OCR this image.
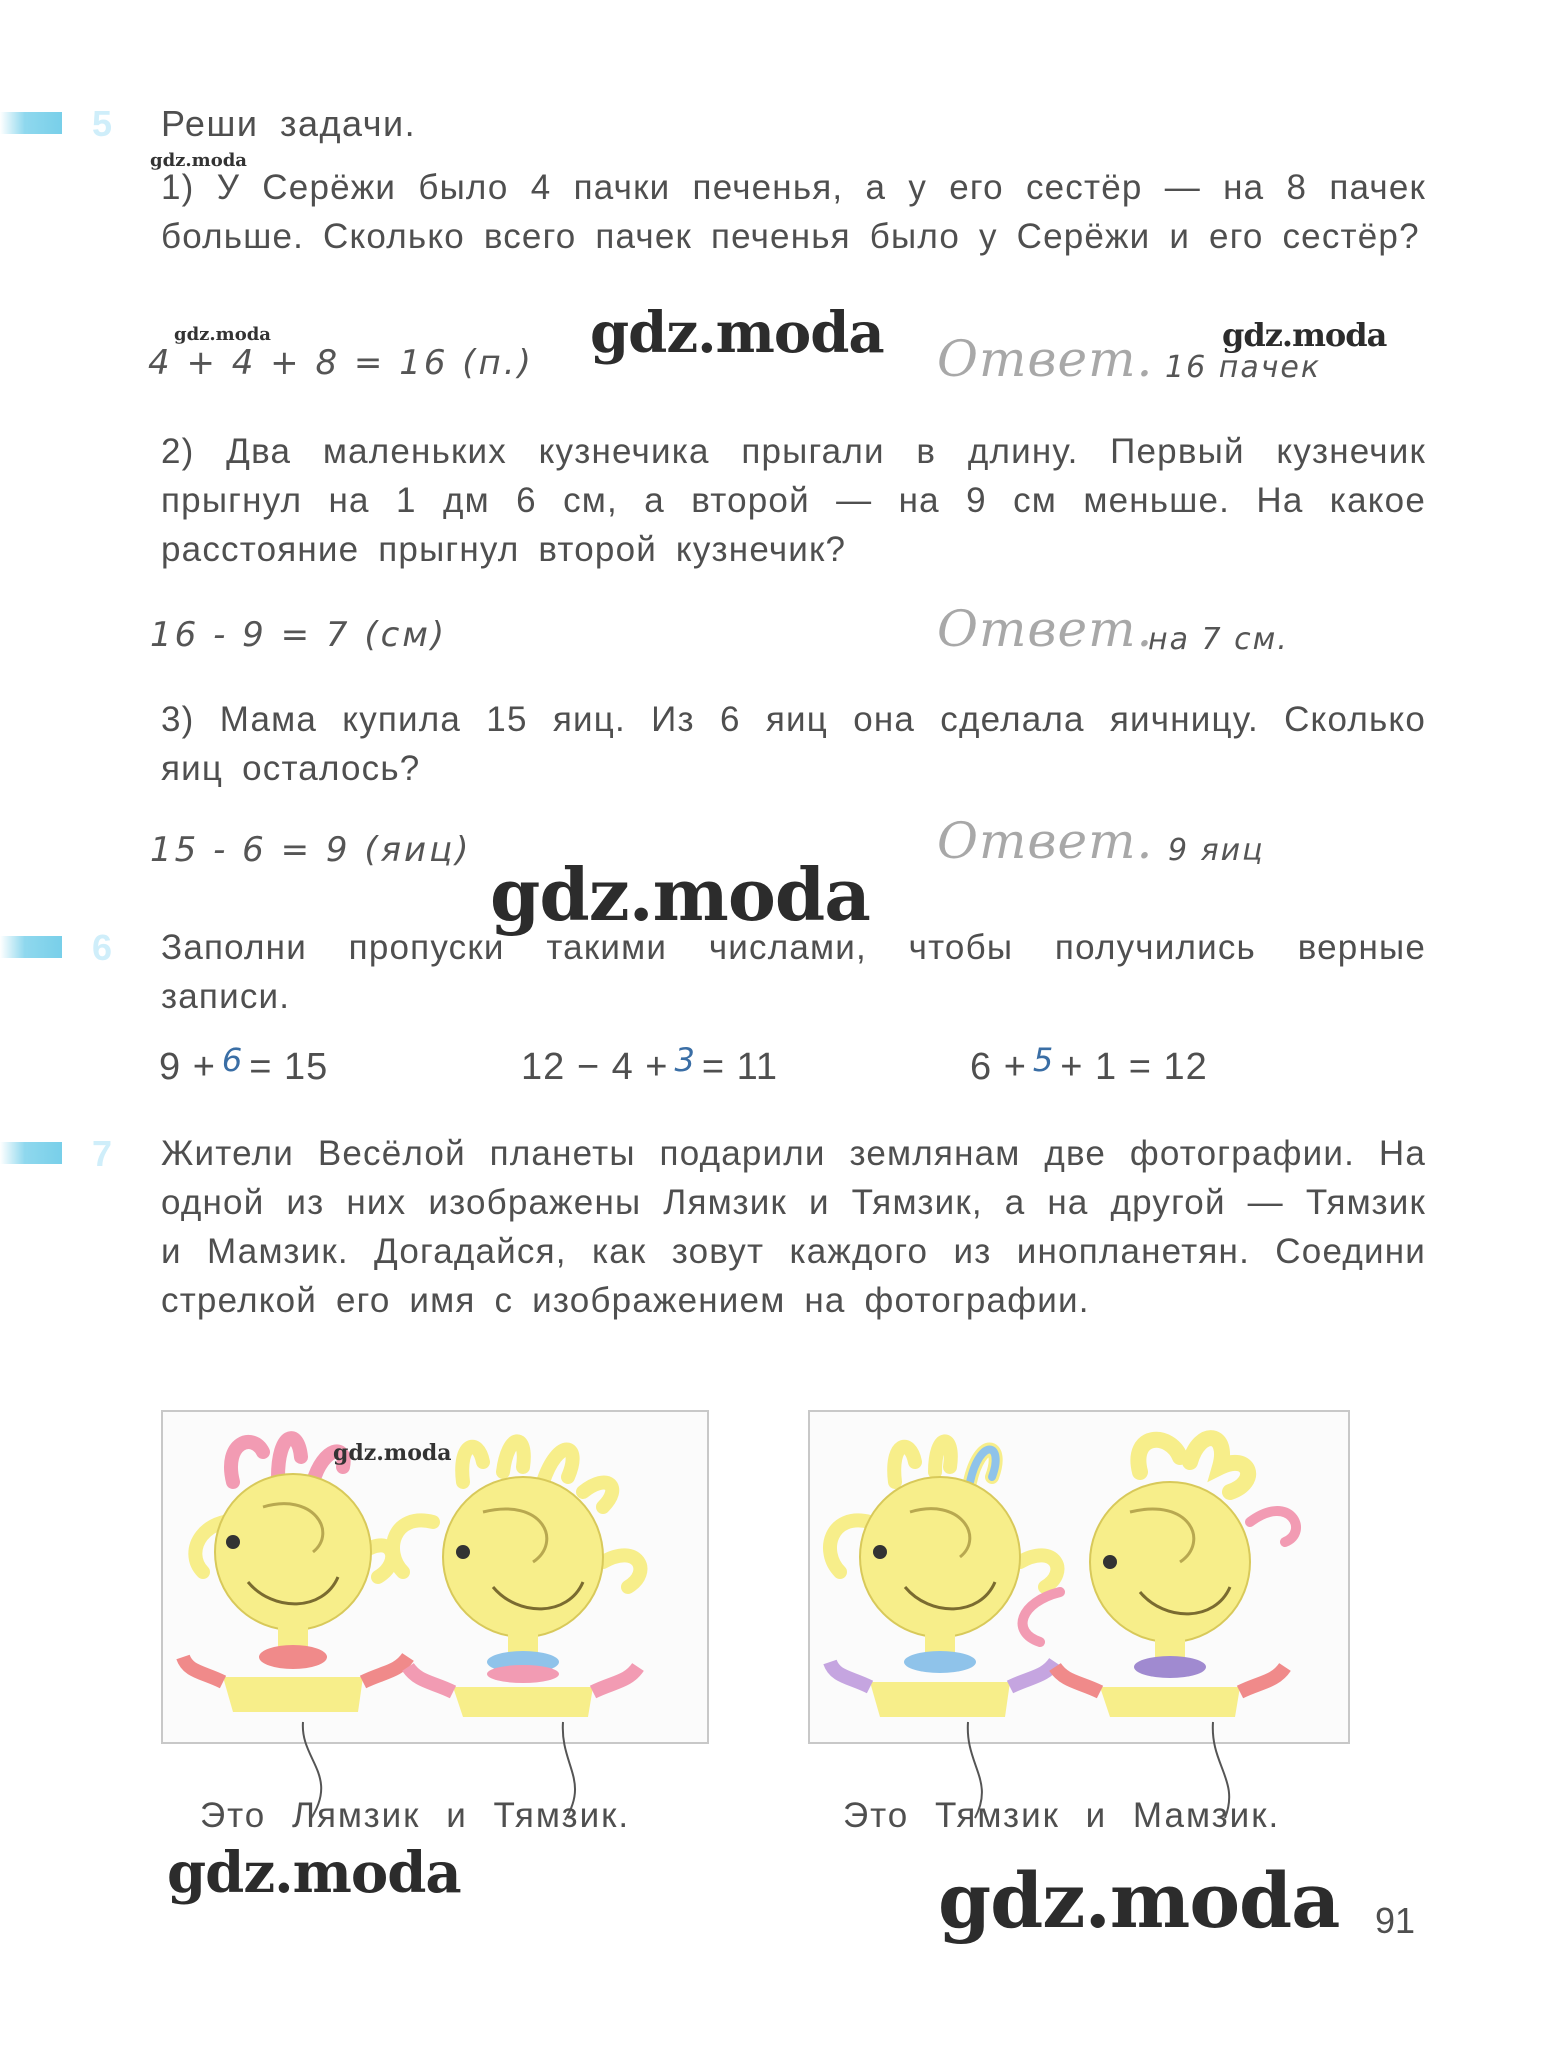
5 Реши задачи.
gdz.moda
1) У Серёжи было 4 пачки печенья, а у его сестёр — на 8 пачек больше. Сколько всего пачек печенья было у Серёжи и его сестёр?
gdz.moda
4 + 4 + 8 = 16 (п.) gdz.moda Ответ. 16 пачек
gdz.moda
2) Два маленьких кузнечика прыгали в длину. Первый кузнечик прыгнул на 1 дм 6 см, а второй — на 9 см меньше. На какое расстояние прыгнул второй кузнечик?
16 - 9 = 7 (см)	Ответ.
на 7 см.
3) Мама купила 15 яиц. Из 6 яиц она сделала яичницу. Сколько яиц осталось?
15 - 6 = 9 (яиц)	Ответ. 9 яиц
gdz.moda
6 Заполни пропуски такими числами, чтобы получились верные записи.
9 + $^6$ = 15	12 − 4 + $^3$ = 11	6 + $^5$ + 1 = 12
7 Жители Весёлой планеты подарили землянам две фотографии. На одной из них изображены Лямзик и Тямзик, а на другой — Тямзик и Мамзик. Догадайся, как зовут каждого из инопланетян. Соедини стрелкой его имя с изображением на фотографии.
gdz.moda
Это Лямзик и Тямзик.	Это Тямзик и Мамзик.
gdz.moda	gdz.moda 91
